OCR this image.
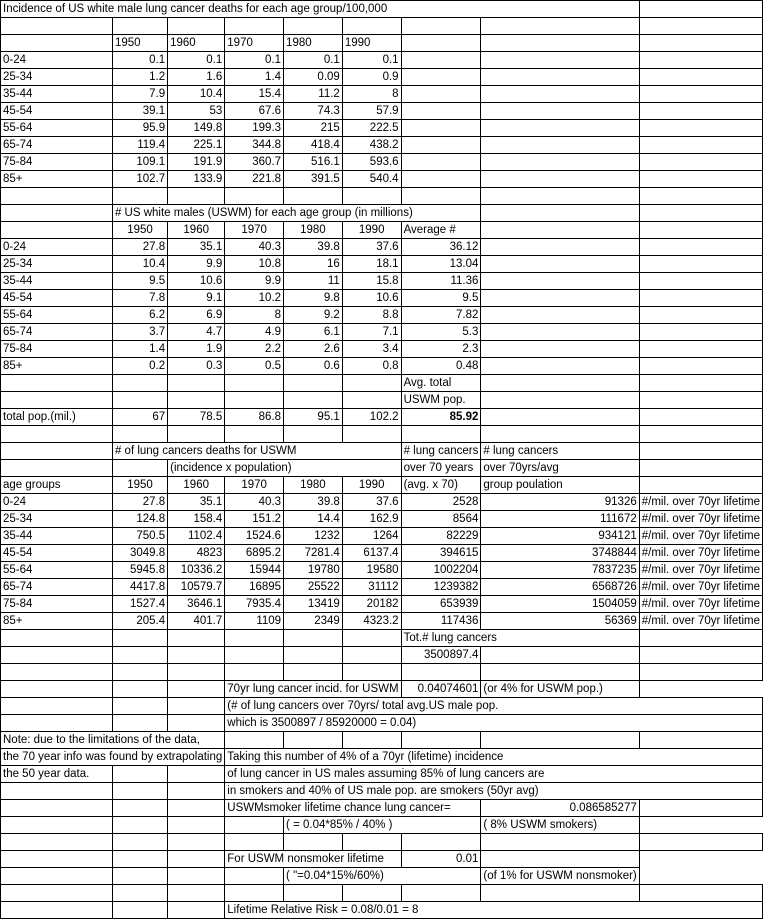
Incidence of US white male lung cancer deaths for each age group/100,000								

	1950	1960	1970	1980	1990			
0-24	0.1	0.1	0.1	0.1	0.1			
25-34	1.2	1.6	1.4	0.09	0.9			
35-44	7.9	10.4	15.4	11.2	8			
45-54	39.1	53	67.6	74.3	57.9			
55-64	95.9	149.8	199.3	215	222.5			
65-74	119.4	225.1	344.8	418.4	438.2			
75-84	109.1	191.9	360.7	516.1	593.6			
85+	102.7	133.9	221.8	391.5	540.4			

	# US white males (USWM) for each age group (in millions)							
	1950	1960	1970	1980	1990	Average #		
0-24	27.8	35.1	40.3	39.8	37.6	36.12		
25-34	10.4	9.9	10.8	16	18.1	13.04		
35-44	9.5	10.6	9.9	11	15.8	11.36		
45-54	7.8	9.1	10.2	9.8	10.6	9.5		
55-64	6.2	6.9	8	9.2	8.8	7.82		
65-74	3.7	4.7	4.9	6.1	7.1	5.3		
75-84	1.4	1.9	2.2	2.6	3.4	2.3		
85+	0.2	0.3	0.5	0.6	0.8	0.48		
						Avg. total		
						USWM pop.		
total pop.(mil.)	67	78.5	86.8	95.1	102.2	85.92		

	# of lung cancers deaths for USWM					# lung cancers	# lung cancers	
		(incidence x population)				over 70 years	over 70yrs/avg	
age groups	1950	1960	1970	1980	1990	(avg. x 70)	group poulation	
0-24	27.8	35.1	40.3	39.8	37.6	2528	91326	#/mil. over 70yr lifetime
25-34	124.8	158.4	151.2	14.4	162.9	8564	111672	#/mil. over 70yr lifetime
35-44	750.5	1102.4	1524.6	1232	1264	82229	934121	#/mil. over 70yr lifetime
45-54	3049.8	4823	6895.2	7281.4	6137.4	394615	3748844	#/mil. over 70yr lifetime
55-64	5945.8	10336.2	15944	19780	19580	1002204	7837235	#/mil. over 70yr lifetime
65-74	4417.8	10579.7	16895	25522	31112	1239382	6568726	#/mil. over 70yr lifetime
75-84	1527.4	3646.1	7935.4	13419	20182	653939	1504059	#/mil. over 70yr lifetime
85+	205.4	401.7	1109	2349	4323.2	117436	56369	#/mil. over 70yr lifetime
						Tot.# lung cancers		
						3500897.4		

			70yr lung cancer incid. for USWM			0.04074601	(or 4% for USWM pop.)	
			(# of lung cancers over 70yrs/ total avg.US male pop.					
			which is 3500897 / 85920000 = 0.04)					
Note: due to the limitations of the data,								
the 70 year info was found by extrapolating			Taking this number of 4% of a 70yr (lifetime) incidence					
the 50 year data.			of lung cancer in US males assuming 85% of lung cancers are					
			in smokers and 40% of US male pop. are smokers (50yr avg)					
			USWMsmoker lifetime chance lung cancer=				0.086585277	
				( = 0.04*85% / 40% )			( 8% USWM smokers)	

			For USWM nonsmoker lifetime			0.01		
				( "=0.04*15%/60%)			(of 1% for USWM nonsmoker)	

			Lifetime Relative Risk = 0.08/0.01 = 8					
